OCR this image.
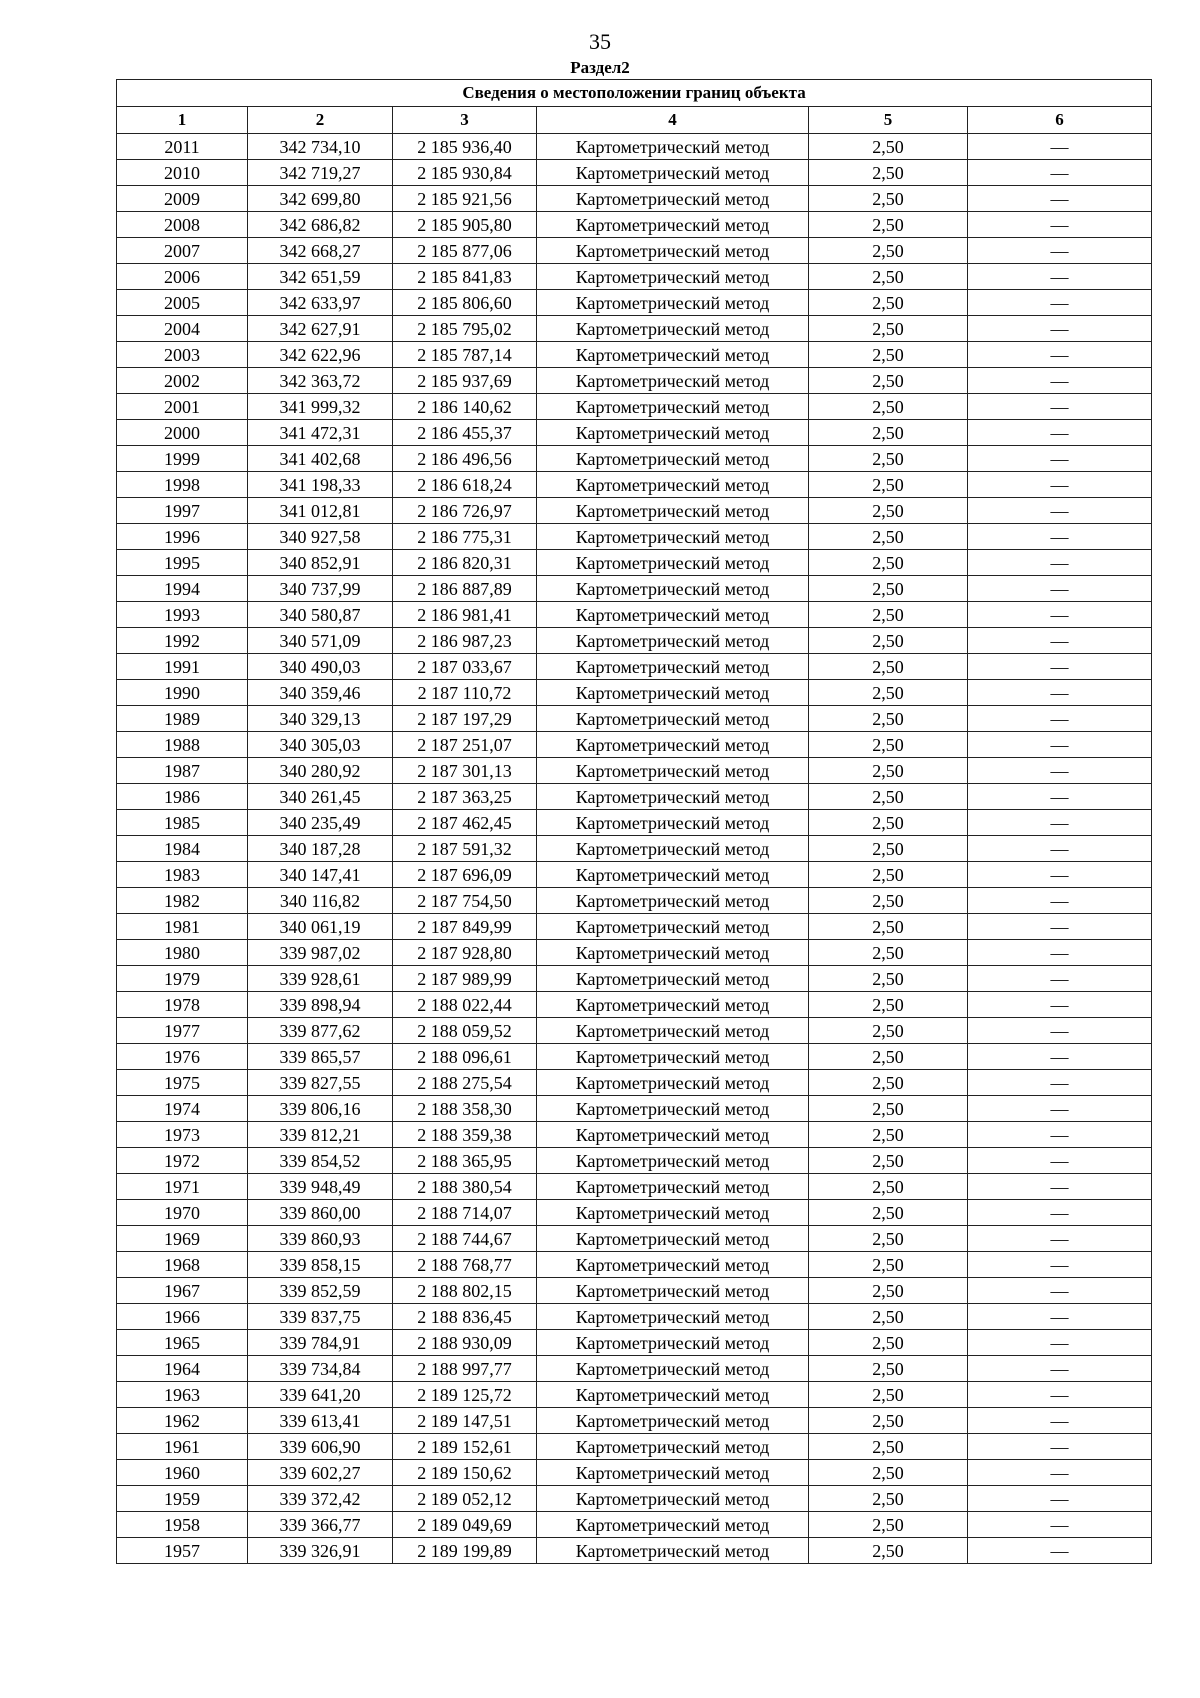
35
Раздел2
Сведения о местоположении границ объекта					
1	2	3	4	5	6
2011	342 734,10	2 185 936,40	Картометрический метод	2,50	—
2010	342 719,27	2 185 930,84	Картометрический метод	2,50	—
2009	342 699,80	2 185 921,56	Картометрический метод	2,50	—
2008	342 686,82	2 185 905,80	Картометрический метод	2,50	—
2007	342 668,27	2 185 877,06	Картометрический метод	2,50	—
2006	342 651,59	2 185 841,83	Картометрический метод	2,50	—
2005	342 633,97	2 185 806,60	Картометрический метод	2,50	—
2004	342 627,91	2 185 795,02	Картометрический метод	2,50	—
2003	342 622,96	2 185 787,14	Картометрический метод	2,50	—
2002	342 363,72	2 185 937,69	Картометрический метод	2,50	—
2001	341 999,32	2 186 140,62	Картометрический метод	2,50	—
2000	341 472,31	2 186 455,37	Картометрический метод	2,50	—
1999	341 402,68	2 186 496,56	Картометрический метод	2,50	—
1998	341 198,33	2 186 618,24	Картометрический метод	2,50	—
1997	341 012,81	2 186 726,97	Картометрический метод	2,50	—
1996	340 927,58	2 186 775,31	Картометрический метод	2,50	—
1995	340 852,91	2 186 820,31	Картометрический метод	2,50	—
1994	340 737,99	2 186 887,89	Картометрический метод	2,50	—
1993	340 580,87	2 186 981,41	Картометрический метод	2,50	—
1992	340 571,09	2 186 987,23	Картометрический метод	2,50	—
1991	340 490,03	2 187 033,67	Картометрический метод	2,50	—
1990	340 359,46	2 187 110,72	Картометрический метод	2,50	—
1989	340 329,13	2 187 197,29	Картометрический метод	2,50	—
1988	340 305,03	2 187 251,07	Картометрический метод	2,50	—
1987	340 280,92	2 187 301,13	Картометрический метод	2,50	—
1986	340 261,45	2 187 363,25	Картометрический метод	2,50	—
1985	340 235,49	2 187 462,45	Картометрический метод	2,50	—
1984	340 187,28	2 187 591,32	Картометрический метод	2,50	—
1983	340 147,41	2 187 696,09	Картометрический метод	2,50	—
1982	340 116,82	2 187 754,50	Картометрический метод	2,50	—
1981	340 061,19	2 187 849,99	Картометрический метод	2,50	—
1980	339 987,02	2 187 928,80	Картометрический метод	2,50	—
1979	339 928,61	2 187 989,99	Картометрический метод	2,50	—
1978	339 898,94	2 188 022,44	Картометрический метод	2,50	—
1977	339 877,62	2 188 059,52	Картометрический метод	2,50	—
1976	339 865,57	2 188 096,61	Картометрический метод	2,50	—
1975	339 827,55	2 188 275,54	Картометрический метод	2,50	—
1974	339 806,16	2 188 358,30	Картометрический метод	2,50	—
1973	339 812,21	2 188 359,38	Картометрический метод	2,50	—
1972	339 854,52	2 188 365,95	Картометрический метод	2,50	—
1971	339 948,49	2 188 380,54	Картометрический метод	2,50	—
1970	339 860,00	2 188 714,07	Картометрический метод	2,50	—
1969	339 860,93	2 188 744,67	Картометрический метод	2,50	—
1968	339 858,15	2 188 768,77	Картометрический метод	2,50	—
1967	339 852,59	2 188 802,15	Картометрический метод	2,50	—
1966	339 837,75	2 188 836,45	Картометрический метод	2,50	—
1965	339 784,91	2 188 930,09	Картометрический метод	2,50	—
1964	339 734,84	2 188 997,77	Картометрический метод	2,50	—
1963	339 641,20	2 189 125,72	Картометрический метод	2,50	—
1962	339 613,41	2 189 147,51	Картометрический метод	2,50	—
1961	339 606,90	2 189 152,61	Картометрический метод	2,50	—
1960	339 602,27	2 189 150,62	Картометрический метод	2,50	—
1959	339 372,42	2 189 052,12	Картометрический метод	2,50	—
1958	339 366,77	2 189 049,69	Картометрический метод	2,50	—
1957	339 326,91	2 189 199,89	Картометрический метод	2,50	—
